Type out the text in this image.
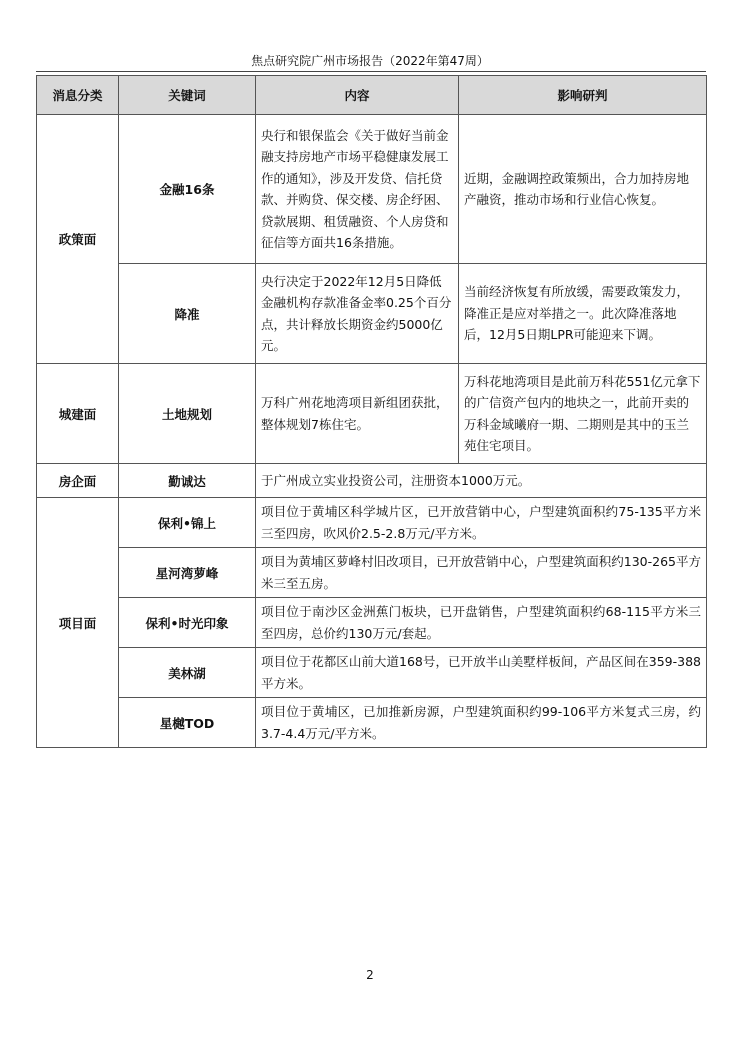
焦点研究院广州市场报告（2022年第47周）
消息分类	关键词	内容	影响研判
政策面	金融16条	央行和银保监会《关于做好当前金融支持房地产市场平稳健康发展工作的通知》，涉及开发贷、信托贷款、并购贷、保交楼、房企纾困、贷款展期、租赁融资、个人房贷和征信等方面共16条措施。	近期，金融调控政策频出，合力加持房地产融资，推动市场和行业信心恢复。
	降准	央行决定于2022年12月5日降低金融机构存款准备金率0.25个百分点，共计释放长期资金约5000亿元。	当前经济恢复有所放缓，需要政策发力，降准正是应对举措之一。此次降准落地后，12月5日期LPR可能迎来下调。
城建面	土地规划	万科广州花地湾项目新组团获批，整体规划7栋住宅。	万科花地湾项目是此前万科花551亿元拿下的广信资产包内的地块之一，此前开卖的万科金域曦府一期、二期则是其中的玉兰苑住宅项目。
房企面	勤诚达	于广州成立实业投资公司，注册资本1000万元。	
项目面	保利•锦上	项目位于黄埔区科学城片区，已开放营销中心，户型建筑面积约75-135平方米三至四房，吹风价2.5-2.8万元/平方米。	
	星河湾萝峰	项目为黄埔区萝峰村旧改项目，已开放营销中心，户型建筑面积约130-265平方米三至五房。	
	保利•时光印象	项目位于南沙区金洲蕉门板块，已开盘销售，户型建筑面积约68-115平方米三至四房，总价约130万元/套起。	
	美林湖	项目位于花都区山前大道168号，已开放半山美墅样板间，产品区间在359-388平方米。	
	星樾TOD	项目位于黄埔区，已加推新房源，户型建筑面积约99-106平方米复式三房，约3.7-4.4万元/平方米。	
2
